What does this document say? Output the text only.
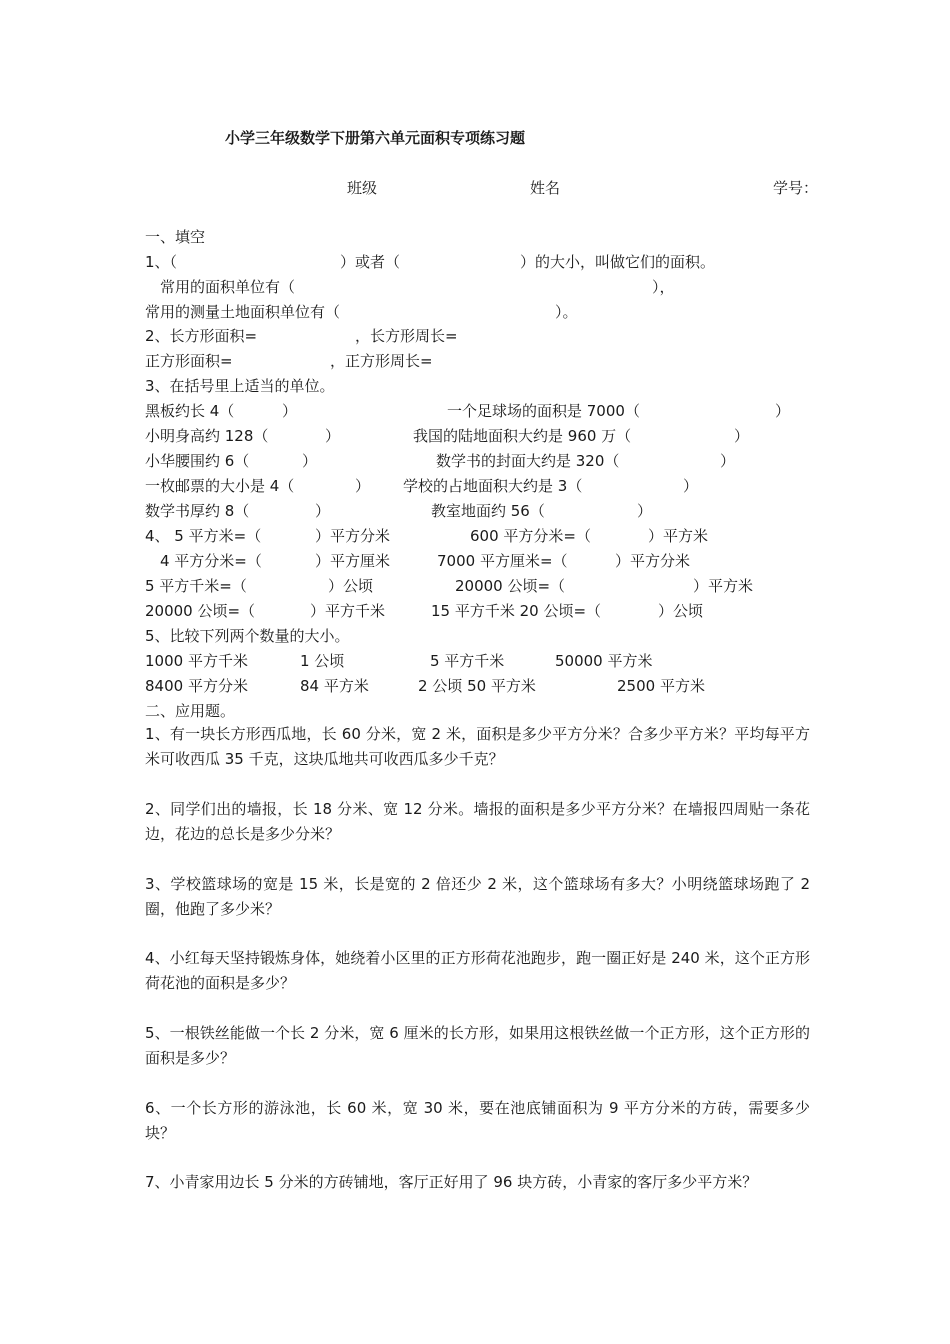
小学三年级数学下册第六单元面积专项练习题
班级	姓名	学号：
一、填空
1、（	）或者（	）的大小，叫做它们的面积。
常用的面积单位有（	），
常用的测量土地面积单位有（	）。
2、长方形面积=	，长方形周长=
正方形面积=	，正方形周长=
3、在括号里上适当的单位。
黑板约长 4（	）	一个足球场的面积是 7000（	）
小明身高约 128（	）	我国的陆地面积大约是 960 万（	）
小华腰围约 6（	）	数学书的封面大约是 320（	）
一枚邮票的大小是 4（	） 学校的占地面积大约是 3（	）
数学书厚约 8（	）	教室地面约 56（	）
4、 5 平方米=（	）平方分米	600 平方分米=（	）平方米
4 平方分米=（	）平方厘米	7000 平方厘米=（	）平方分米
5 平方千米=（	）公顷	20000 公顷=（	）平方米
20000 公顷=（	）平方千米	15 平方千米 20 公顷=（	）公顷
5、比较下列两个数量的大小。
1000 平方千米	1 公顷	5 平方千米	50000 平方米
8400 平方分米	84 平方米	2 公顷 50 平方米	2500 平方米
二、应用题。
1、有一块长方形西瓜地，长 60 分米，宽 2 米，面积是多少平方分米？合多少平方米？平均每平方米可收西瓜 35 千克，这块瓜地共可收西瓜多少千克？
2、同学们出的墙报，长 18 分米、宽 12 分米。墙报的面积是多少平方分米？在墙报四周贴一条花边，花边的总长是多少分米？
3、学校篮球场的宽是 15 米，长是宽的 2 倍还少 2 米，这个篮球场有多大？小明绕篮球场跑了 2 圈，他跑了多少米？
4、小红每天坚持锻炼身体，她绕着小区里的正方形荷花池跑步，跑一圈正好是 240 米，这个正方形荷花池的面积是多少？
5、一根铁丝能做一个长 2 分米，宽 6 厘米的长方形，如果用这根铁丝做一个正方形，这个正方形的面积是多少？
6、一个长方形的游泳池，长 60 米，宽 30 米，要在池底铺面积为 9 平方分米的方砖，需要多少块？
7、小青家用边长 5 分米的方砖铺地，客厅正好用了 96 块方砖，小青家的客厅多少平方米？
